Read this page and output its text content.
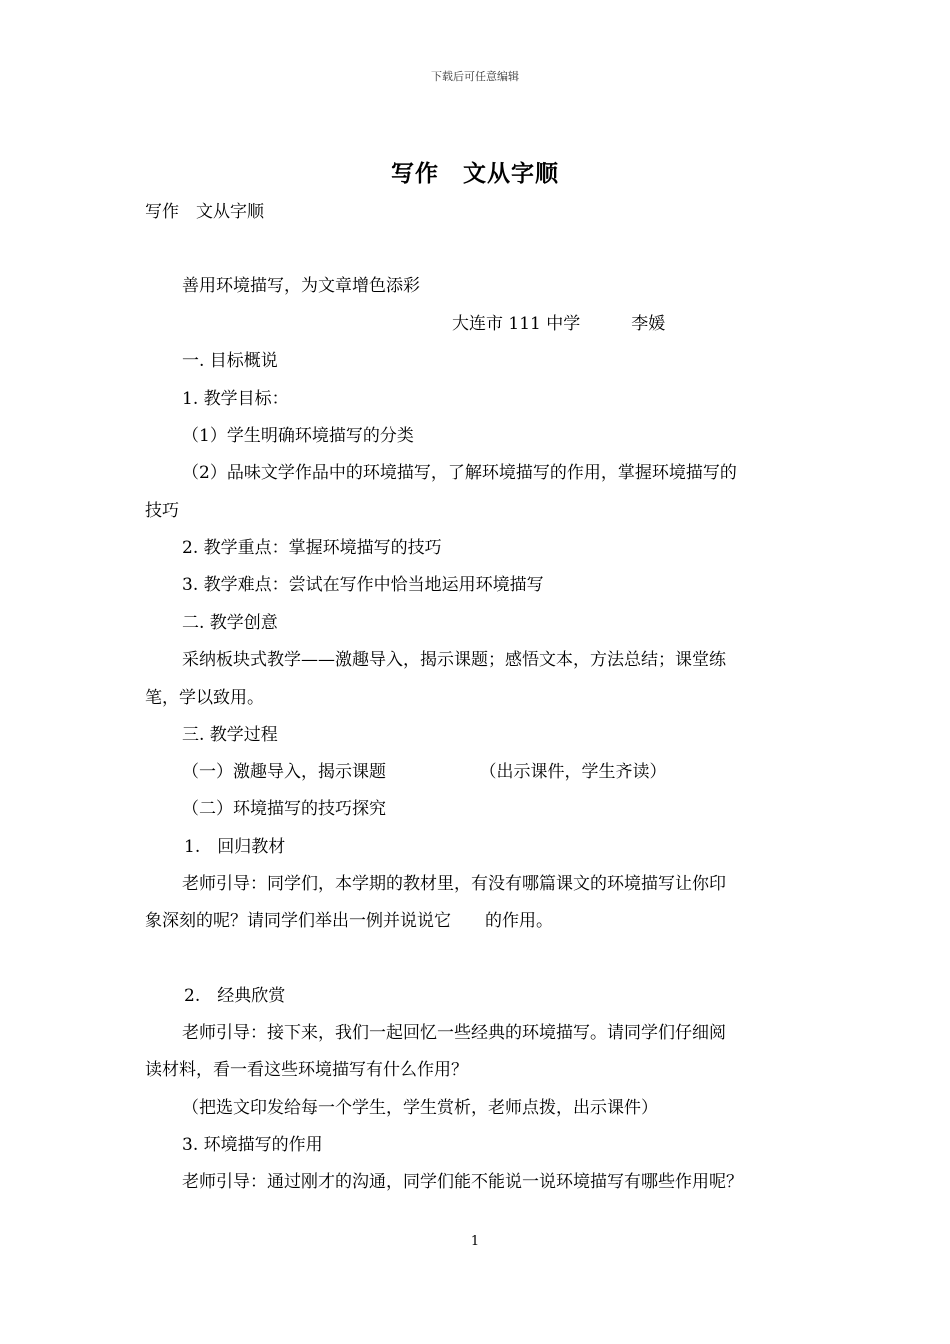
下载后可任意编辑
写作　文从字顺
写作　文从字顺
善用环境描写，为文章增色添彩
大连市 111 中学　　　李媛
一. 目标概说
1. 教学目标：
（1）学生明确环境描写的分类
（2）品味文学作品中的环境描写，了解环境描写的作用，掌握环境描写的
技巧
2. 教学重点：掌握环境描写的技巧
3. 教学难点：尝试在写作中恰当地运用环境描写
二. 教学创意
采纳板块式教学——激趣导入，揭示课题；感悟文本，方法总结；课堂练
笔，学以致用。
三. 教学过程
（一）激趣导入，揭示课题　　　　　　（出示课件，学生齐读）
（二）环境描写的技巧探究
1.　回归教材
老师引导：同学们，本学期的教材里，有没有哪篇课文的环境描写让你印
象深刻的呢？请同学们举出一例并说说它　　的作用。
2.　经典欣赏
老师引导：接下来，我们一起回忆一些经典的环境描写。请同学们仔细阅
读材料，看一看这些环境描写有什么作用？
（把选文印发给每一个学生，学生赏析，老师点拨，出示课件）
3. 环境描写的作用
老师引导：通过刚才的沟通，同学们能不能说一说环境描写有哪些作用呢？
1
